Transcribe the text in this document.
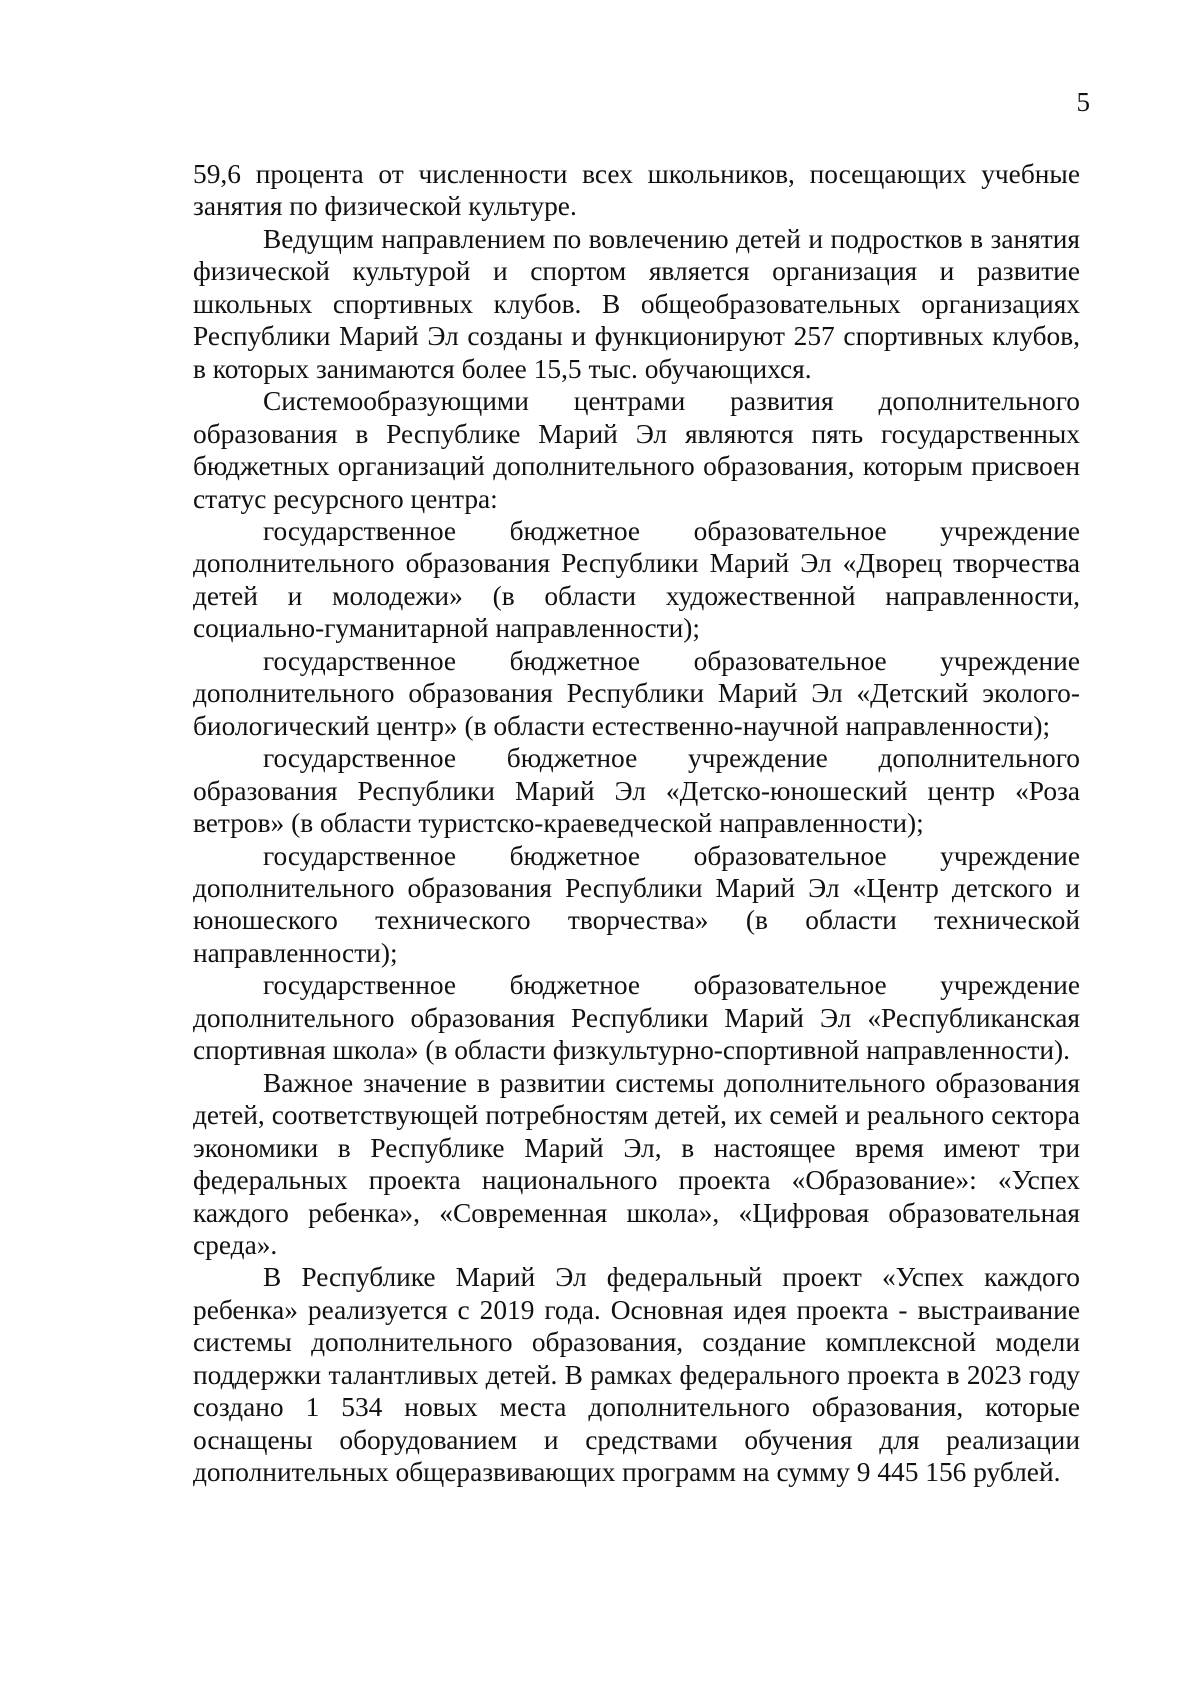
5

59,6 процента от численности всех школьников, посещающих учебные занятия по физической культуре.

Ведущим направлением по вовлечению детей и подростков в занятия физической культурой и спортом является организация и развитие школьных спортивных клубов. В общеобразовательных организациях Республики Марий Эл созданы и функционируют 257 спортивных клубов, в которых занимаются более 15,5 тыс. обучающихся.

Системообразующими центрами развития дополнительного образования в Республике Марий Эл являются пять государственных бюджетных организаций дополнительного образования, которым присвоен статус ресурсного центра:

государственное бюджетное образовательное учреждение дополнительного образования Республики Марий Эл «Дворец творчества детей и молодежи» (в области художественной направленности, социально-гуманитарной направленности);

государственное бюджетное образовательное учреждение дополнительного образования Республики Марий Эл «Детский эколого-биологический центр» (в области естественно-научной направленности);

государственное бюджетное учреждение дополнительного образования Республики Марий Эл «Детско-юношеский центр «Роза ветров» (в области туристско-краеведческой направленности);

государственное бюджетное образовательное учреждение дополнительного образования Республики Марий Эл «Центр детского и юношеского технического творчества» (в области технической направленности);

государственное бюджетное образовательное учреждение дополнительного образования Республики Марий Эл «Республиканская спортивная школа» (в области физкультурно-спортивной направленности).

Важное значение в развитии системы дополнительного образования детей, соответствующей потребностям детей, их семей и реального сектора экономики в Республике Марий Эл, в настоящее время имеют три федеральных проекта национального проекта «Образование»: «Успех каждого ребенка», «Современная школа», «Цифровая образовательная среда».

В Республике Марий Эл федеральный проект «Успех каждого ребенка» реализуется с 2019 года. Основная идея проекта - выстраивание системы дополнительного образования, создание комплексной модели поддержки талантливых детей. В рамках федерального проекта в 2023 году создано 1 534 новых места дополнительного образования, которые оснащены оборудованием и средствами обучения для реализации дополнительных общеразвивающих программ на сумму 9 445 156 рублей.
